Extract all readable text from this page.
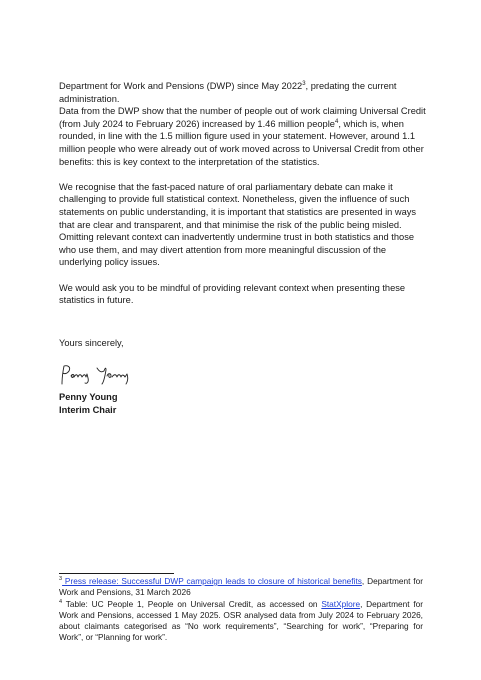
Department for Work and Pensions (DWP) since May 2022$^3$, predating the current administration.

Data from the DWP show that the number of people out of work claiming Universal Credit (from July 2024 to February 2026) increased by 1.46 million people$^4$, which is, when rounded, in line with the 1.5 million figure used in your statement. However, around 1.1 million people who were already out of work moved across to Universal Credit from other benefits: this is key context to the interpretation of the statistics.

We recognise that the fast-paced nature of oral parliamentary debate can make it challenging to provide full statistical context. Nonetheless, given the influence of such statements on public understanding, it is important that statistics are presented in ways that are clear and transparent, and that minimise the risk of the public being misled. Omitting relevant context can inadvertently undermine trust in both statistics and those who use them, and may divert attention from more meaningful discussion of the underlying policy issues.

We would ask you to be mindful of providing relevant context when presenting these statistics in future.

Yours sincerely,
Penny Young
Interim Chair

$^3$ Press release: Successful DWP campaign leads to closure of historical benefits, Department for Work and Pensions, 31 March 2026

$^4$ Table: UC People 1, People on Universal Credit, as accessed on StatXplore, Department for Work and Pensions, accessed 1 May 2025. OSR analysed data from July 2024 to February 2026, about claimants categorised as “No work requirements”, “Searching for work”, “Preparing for Work”, or “Planning for work”.
